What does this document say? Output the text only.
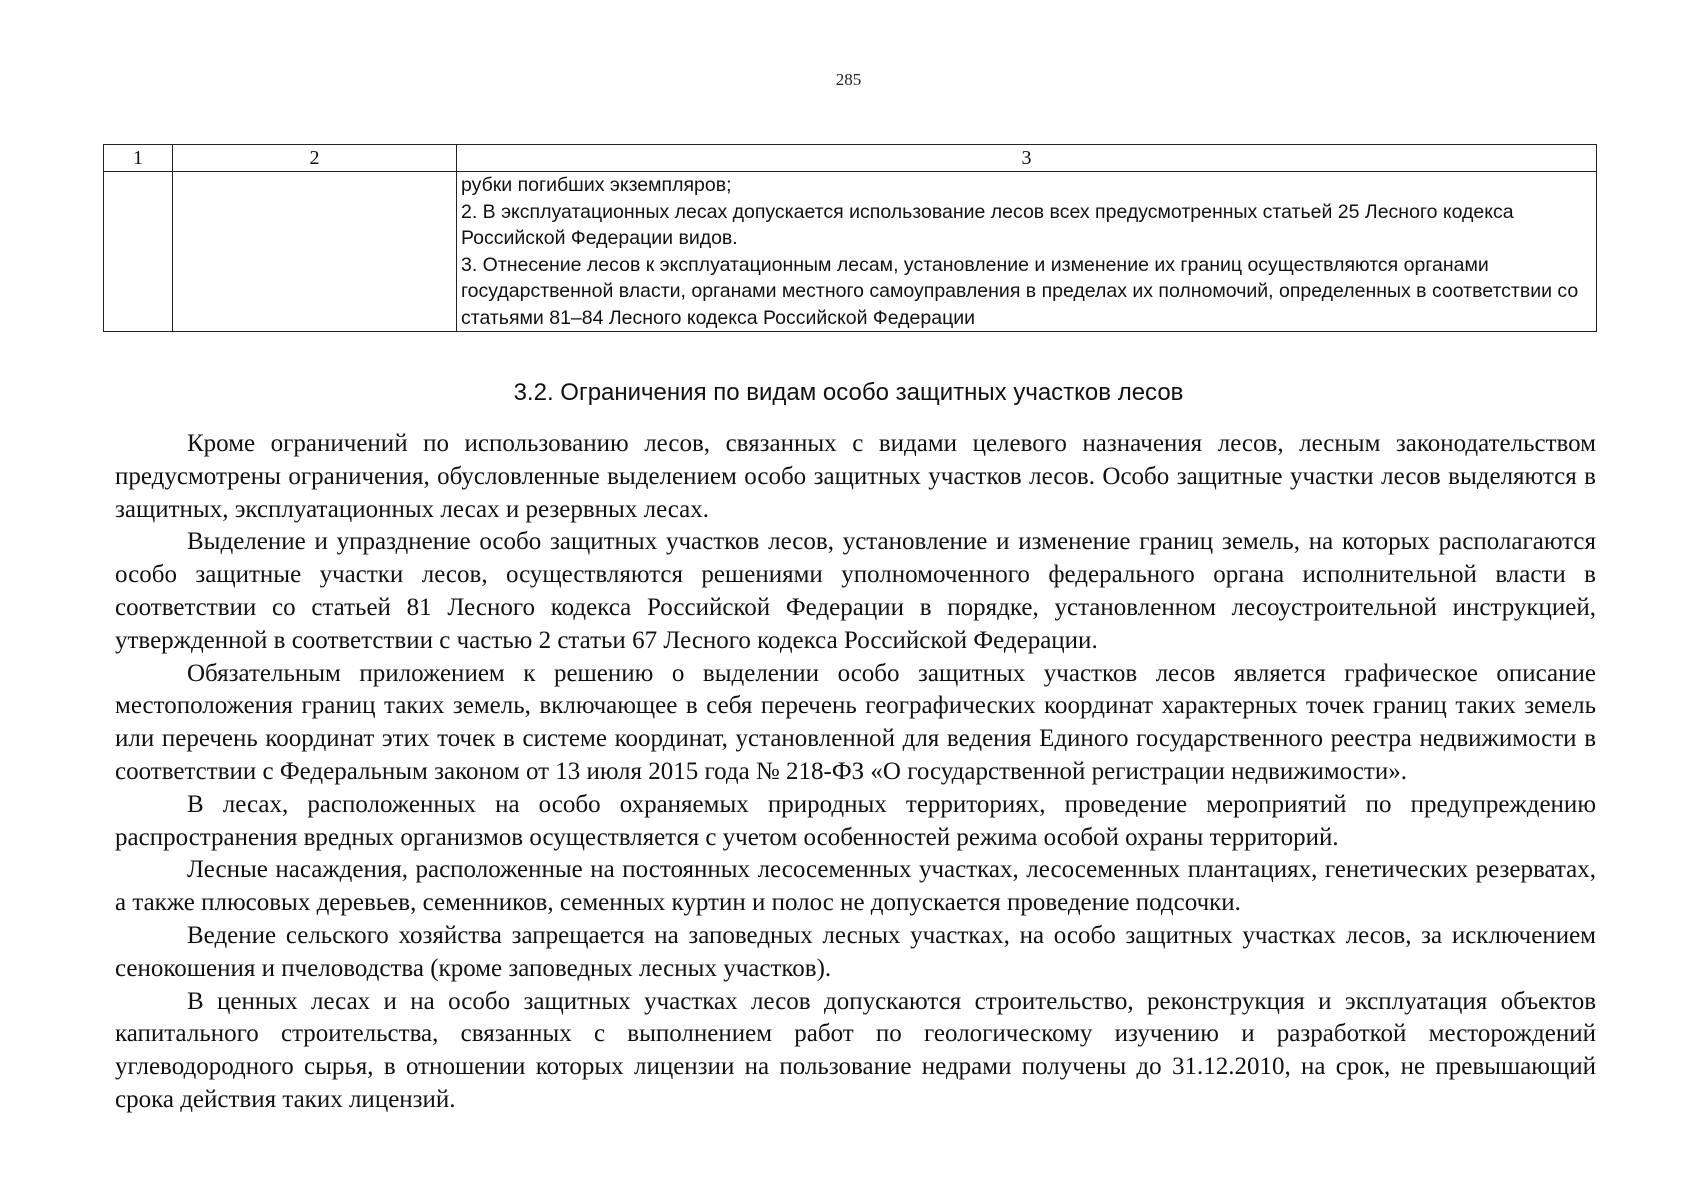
285
1	2	3

		рубки погибших экземпляров;

2. В эксплуатационных лесах допускается использование лесов всех предусмотренных статьей 25 Лесного кодекса Российской Федерации видов.

3. Отнесение лесов к эксплуатационным лесам, установление и изменение их границ осуществляются органами государственной власти, органами местного самоуправления в пределах их полномочий, определенных в соответствии со статьями 81–84 Лесного кодекса Российской Федерации

3.2. Ограничения по видам особо защитных участков лесов

Кроме ограничений по использованию лесов, связанных с видами целевого назначения лесов, лесным законодательством предусмотрены ограничения, обусловленные выделением особо защитных участков лесов. Особо защитные участки лесов выделяются в защитных, эксплуатационных лесах и резервных лесах.

Выделение и упразднение особо защитных участков лесов, установление и изменение границ земель, на которых располагаются особо защитные участки лесов, осуществляются решениями уполномоченного федерального органа исполнительной власти в соответствии со статьей 81 Лесного кодекса Российской Федерации в порядке, установленном лесоустроительной инструкцией, утвержденной в соответствии с частью 2 статьи 67 Лесного кодекса Российской Федерации.

Обязательным приложением к решению о выделении особо защитных участков лесов является графическое описание местоположения границ таких земель, включающее в себя перечень географических координат характерных точек границ таких земель или перечень координат этих точек в системе координат, установленной для ведения Единого государственного реестра недвижимости в соответствии с Федеральным законом от 13 июля 2015 года № 218-ФЗ «О государственной регистрации недвижимости».

В лесах, расположенных на особо охраняемых природных территориях, проведение мероприятий по предупреждению распространения вредных организмов осуществляется с учетом особенностей режима особой охраны территорий.

Лесные насаждения, расположенные на постоянных лесосеменных участках, лесосеменных плантациях, генетических резерватах, а также плюсовых деревьев, семенников, семенных куртин и полос не допускается проведение подсочки.

Ведение сельского хозяйства запрещается на заповедных лесных участках, на особо защитных участках лесов, за исключением сенокошения и пчеловодства (кроме заповедных лесных участков).

В ценных лесах и на особо защитных участках лесов допускаются строительство, реконструкция и эксплуатация объектов капитального строительства, связанных с выполнением работ по геологическому изучению и разработкой месторождений углеводородного сырья, в отношении которых лицензии на пользование недрами получены до 31.12.2010, на срок, не превышающий срока действия таких лицензий.
